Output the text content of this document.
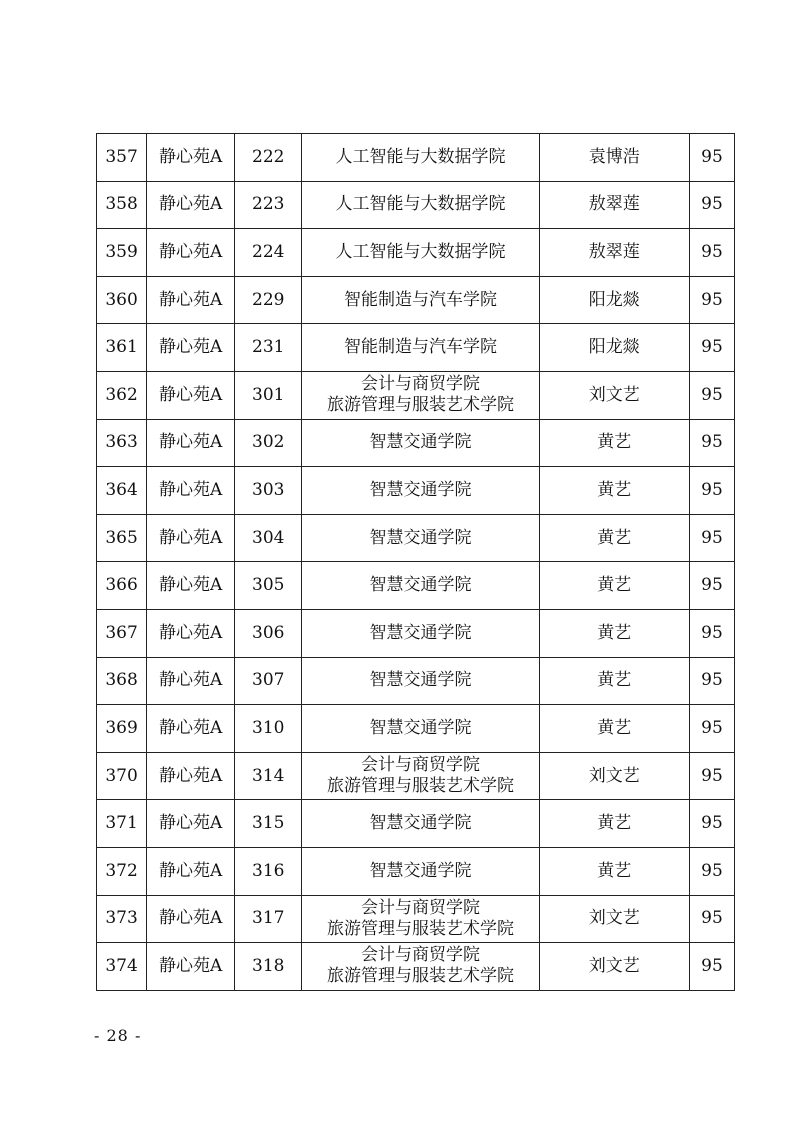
357	静心苑A	222	人工智能与大数据学院	袁博浩	95
358	静心苑A	223	人工智能与大数据学院	敖翠莲	95
359	静心苑A	224	人工智能与大数据学院	敖翠莲	95
360	静心苑A	229	智能制造与汽车学院	阳龙燚	95
361	静心苑A	231	智能制造与汽车学院	阳龙燚	95
362	静心苑A	301	会计与商贸学院
旅游管理与服装艺术学院	刘文艺	95
363	静心苑A	302	智慧交通学院	黄艺	95
364	静心苑A	303	智慧交通学院	黄艺	95
365	静心苑A	304	智慧交通学院	黄艺	95
366	静心苑A	305	智慧交通学院	黄艺	95
367	静心苑A	306	智慧交通学院	黄艺	95
368	静心苑A	307	智慧交通学院	黄艺	95
369	静心苑A	310	智慧交通学院	黄艺	95
370	静心苑A	314	会计与商贸学院
旅游管理与服装艺术学院	刘文艺	95
371	静心苑A	315	智慧交通学院	黄艺	95
372	静心苑A	316	智慧交通学院	黄艺	95
373	静心苑A	317	会计与商贸学院
旅游管理与服装艺术学院	刘文艺	95
374	静心苑A	318	会计与商贸学院
旅游管理与服装艺术学院	刘文艺	95
- 28 -
